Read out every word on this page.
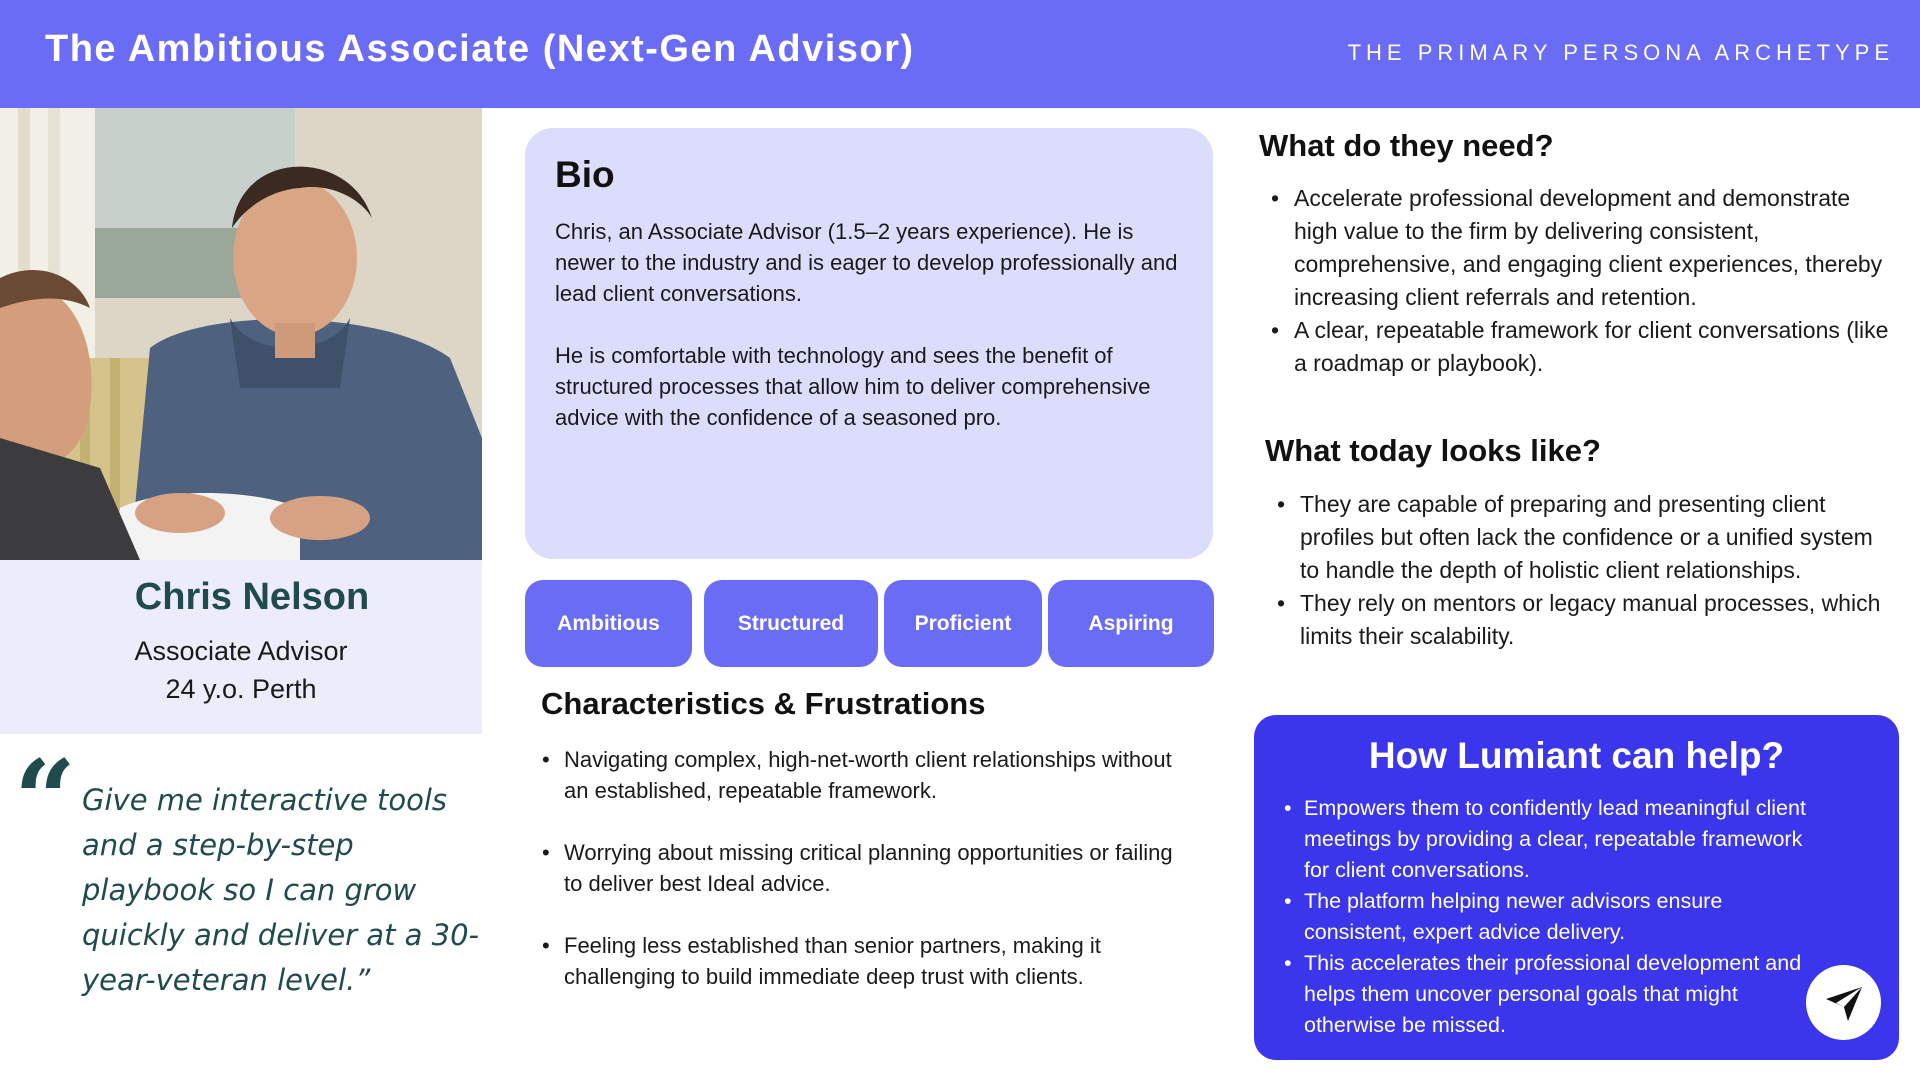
The Ambitious Associate (Next-Gen Advisor)	THE PRIMARY PERSONA ARCHETYPE
Chris Nelson
Associate Advisor
24 y.o. Perth
“ Give me interactive tools and a step-by-step playbook so I can grow quickly and deliver at a 30-year-veteran level.”
Bio

Chris, an Associate Advisor (1.5–2 years experience). He is newer to the industry and is eager to develop professionally and lead client conversations.

He is comfortable with technology and sees the benefit of structured processes that allow him to deliver comprehensive advice with the confidence of a seasoned pro.

Ambitious	Structured	Proficient	Aspiring
Characteristics & Frustrations
• Navigating complex, high-net-worth client relationships without an established, repeatable framework.
• Worrying about missing critical planning opportunities or failing to deliver best Ideal advice.
• Feeling less established than senior partners, making it challenging to build immediate deep trust with clients.
What do they need?
• Accelerate professional development and demonstrate high value to the firm by delivering consistent, comprehensive, and engaging client experiences, thereby increasing client referrals and retention.
• A clear, repeatable framework for client conversations (like a roadmap or playbook).
What today looks like?
• They are capable of preparing and presenting client profiles but often lack the confidence or a unified system to handle the depth of holistic client relationships.
• They rely on mentors or legacy manual processes, which limits their scalability.
How Lumiant can help?
• Empowers them to confidently lead meaningful client meetings by providing a clear, repeatable framework for client conversations.
• The platform helping newer advisors ensure consistent, expert advice delivery.
• This accelerates their professional development and helps them uncover personal goals that might otherwise be missed.
